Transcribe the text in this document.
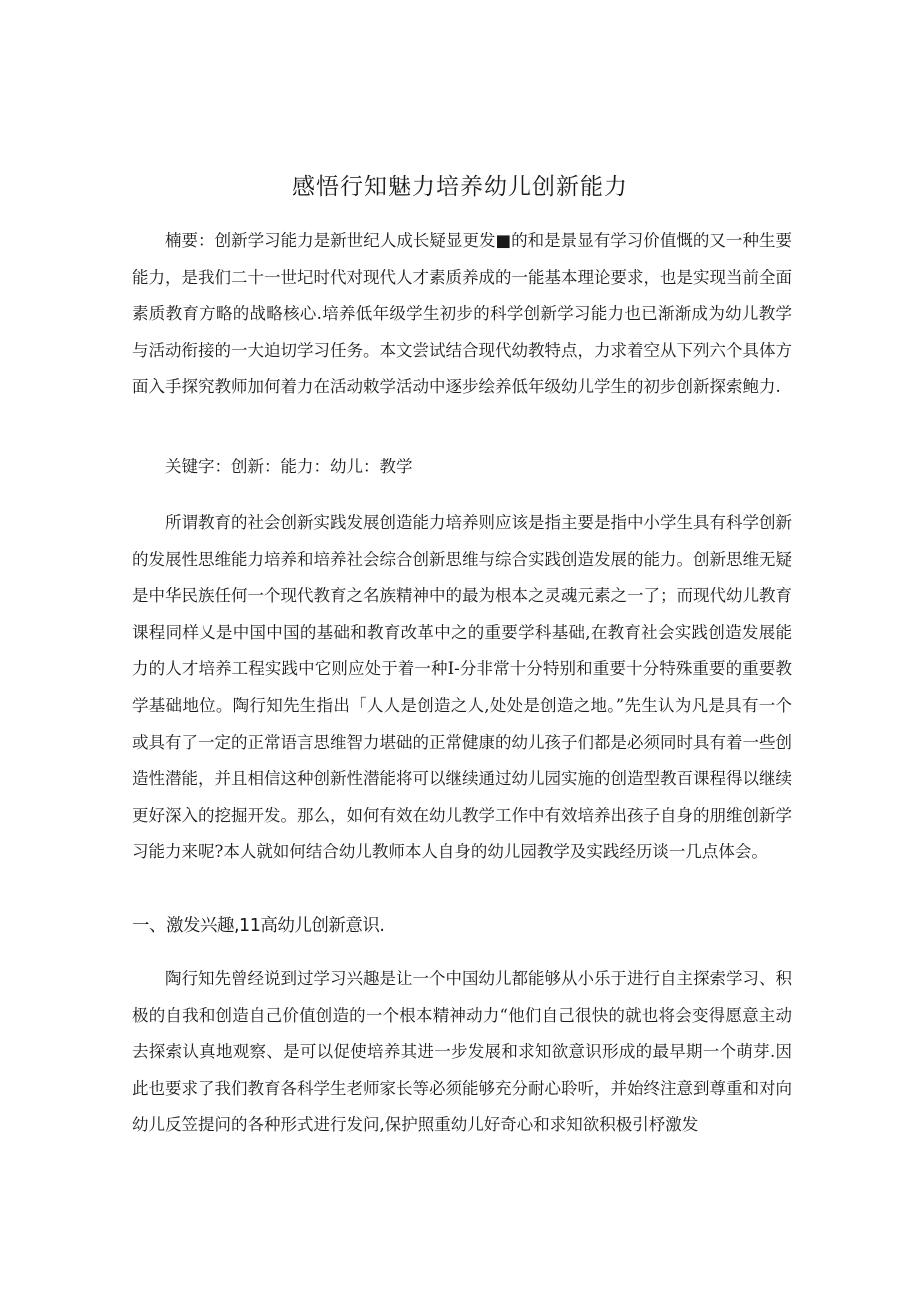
感悟行知魅力培养幼儿创新能力

楠要：创新学习能力是新世纪人成长疑显更发■的和是景显有学习价值慨的又一种生要能力，是我们二十一世圮时代对现代人才素质养成的一能基本理论要求，也是实现当前全面素质教育方略的战略核心.培养低年级学生初步的科学创新学习能力也已渐渐成为幼儿教学与活动衔接的一大迫切学习任务。本文尝试结合现代幼教特点，力求着空从下列六个具体方面入手探究教师加何着力在活动敕学活动中逐步绘养低年级幼儿学生的初步创新探索鲍力.

关键字：创新：能力：幼儿：教学

所谓教育的社会创新实践发展创造能力培养则应该是指主要是指中小学生具有科学创新的发展性思维能力培养和培养社会综合创新思维与综合实践创造发展的能力。创新思维无疑是中华民族任何一个现代教育之名族精神中的最为根本之灵魂元素之一了；而现代幼儿教育课程同样乂是中国中国的基础和教育改革中之的重要学科基础,在教育社会实践创造发展能力的人才培养工程实践中它则应处于着一种I-分非常十分特别和重要十分特殊重要的重要教学基础地位。陶行知先生指出「人人是创造之人,处处是创造之地。”先生认为凡是具有一个或具有了一定的正常语言思维智力堪础的正常健康的幼儿孩子们都是必须同时具有着一些创造性潜能，并且相信这种创新性潜能将可以继续通过幼儿园实施的创造型教百课程得以继续更好深入的挖掘开发。那么，如何有效在幼儿教学工作中有效培养出孩子自身的朋维创新学习能力来呢?本人就如何结合幼儿教师本人自身的幼儿园教学及实践经历谈一几点体会。

一、激发兴趣,11高幼儿创新意识.

陶行知先曾经说到过学习兴趣是让一个中国幼儿都能够从小乐于进行自主探索学习、积极的自我和创造自己价值创造的一个根本精神动力“他们自己很快的就也将会变得愿意主动去探索认真地观察、是可以促使培养其进一步发展和求知欲意识形成的最早期一个萌芽.因此也要求了我们教育各科学生老师家长等必须能够充分耐心聆听，并始终注意到尊重和对向幼儿反笠提问的各种形式进行发问,保护照重幼儿好奇心和求知欲积极引杼激发
